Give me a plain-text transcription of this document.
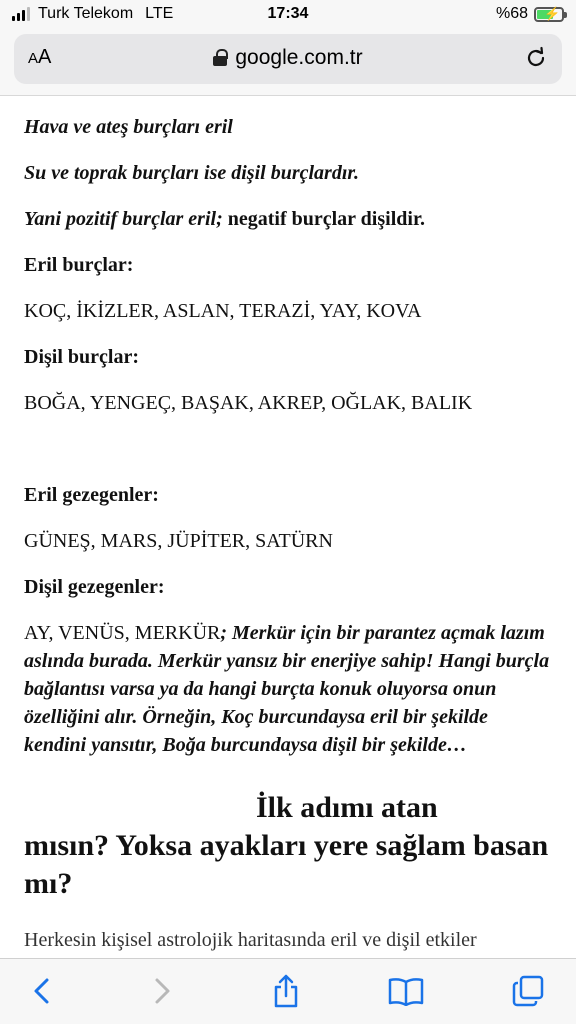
Turk Telekom LTE	17:34	%68 ⚡
AA	google.com.tr

Hava ve ateş burçları eril

Su ve toprak burçları ise dişil burçlardır.

Yani pozitif burçlar eril; negatif burçlar dişildir.

Eril burçlar:

KOÇ, İKİZLER, ASLAN, TERAZİ, YAY, KOVA

Dişil burçlar:

BOĞA, YENGEÇ, BAŞAK, AKREP, OĞLAK, BALIK

Eril gezegenler:

GÜNEŞ, MARS, JÜPİTER, SATÜRN

Dişil gezegenler:

AY, VENÜS, MERKÜR; Merkür için bir parantez açmak lazım aslında burada. Merkür yansız bir enerjiye sahip! Hangi burçla bağlantısı varsa ya da hangi burçta konuk oluyorsa onun özelliğini alır. Örneğin, Koç burcundaysa eril bir şekilde kendini yansıtır, Boğa burcundaysa dişil bir şekilde…

İlk adımı atan
mısın? Yoksa ayakları yere sağlam basan mı?

Herkesin kişisel astrolojik haritasında eril ve dişil etkiler
